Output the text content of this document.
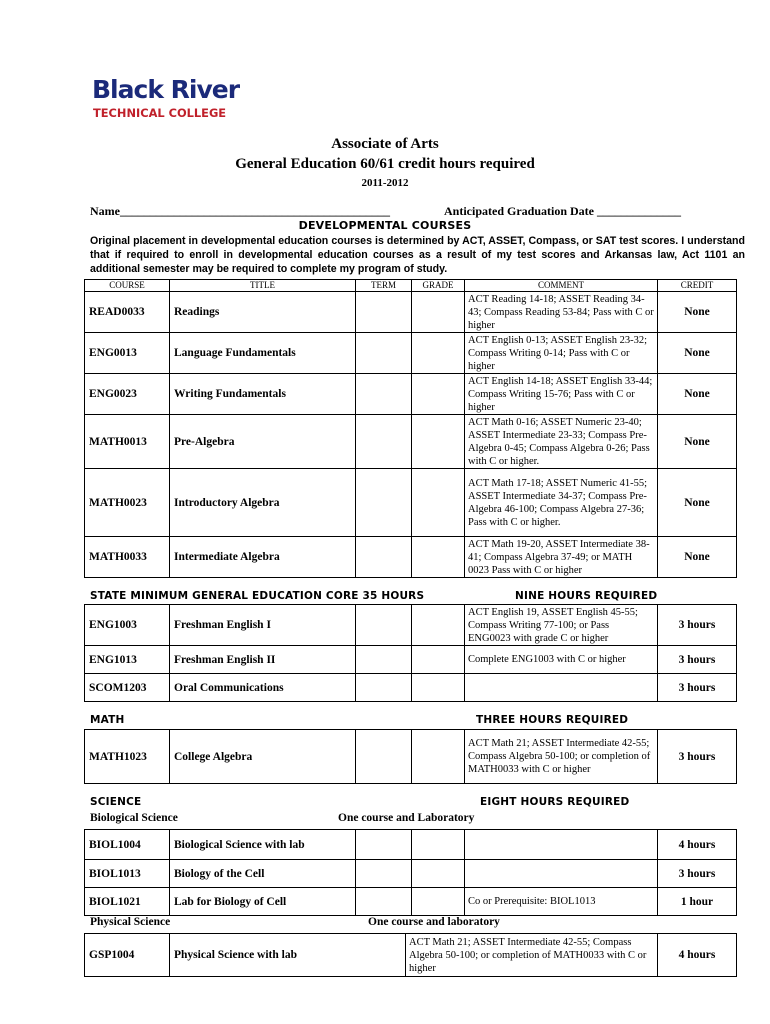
Black River
TECHNICAL COLLEGE
Associate of Arts
General Education 60/61 credit hours required
2011-2012
Name_____________________________________________	Anticipated Graduation Date ______________
DEVELOPMENTAL COURSES
Original placement in developmental education courses is determined by ACT, ASSET, Compass, or SAT test scores. I understand that if required to enroll in developmental education courses as a result of my test scores and Arkansas law, Act 1101 an additional semester may be required to complete my program of study.
COURSE	TITLE	TERM	GRADE	COMMENT	CREDIT
READ0033	Readings			ACT Reading 14-18; ASSET Reading 34-43; Compass Reading 53-84; Pass with C or higher	None
ENG0013	Language Fundamentals			ACT English 0-13; ASSET English 23-32; Compass Writing 0-14; Pass with C or higher	None
ENG0023	Writing Fundamentals			ACT English 14-18; ASSET English 33-44; Compass Writing 15-76; Pass with C or higher	None
MATH0013	Pre-Algebra			ACT Math 0-16; ASSET Numeric 23-40; ASSET Intermediate 23-33; Compass Pre-Algebra 0-45; Compass Algebra 0-26; Pass with C or higher.	None
MATH0023	Introductory Algebra			ACT Math 17-18; ASSET Numeric 41-55; ASSET Intermediate 34-37; Compass Pre-Algebra 46-100; Compass Algebra 27-36; Pass with C or higher.	None
MATH0033	Intermediate Algebra			ACT Math 19-20, ASSET Intermediate 38-41; Compass Algebra 37-49; or MATH 0023 Pass with C or higher	None
STATE MINIMUM GENERAL EDUCATION CORE 35 HOURS	NINE HOURS REQUIRED
ENG1003	Freshman English I			ACT English 19, ASSET English 45-55; Compass Writing 77-100; or Pass ENG0023 with grade C or higher	3 hours
ENG1013	Freshman English II			Complete ENG1003 with C or higher	3 hours
SCOM1203	Oral Communications				3 hours
MATH	THREE HOURS REQUIRED
MATH1023	College Algebra			ACT Math 21; ASSET Intermediate 42-55; Compass Algebra 50-100; or completion of MATH0033 with C or higher	3 hours
SCIENCE	EIGHT HOURS REQUIRED
Biological Science	One course and Laboratory
BIOL1004	Biological Science with lab				4 hours
BIOL1013	Biology of the Cell				3 hours
BIOL1021	Lab for Biology of Cell			Co or Prerequisite: BIOL1013	1 hour
Physical Science	One course and laboratory
GSP1004	Physical Science with lab	ACT Math 21; ASSET Intermediate 42-55; Compass Algebra 50-100; or completion of MATH0033 with C or higher	4 hours
